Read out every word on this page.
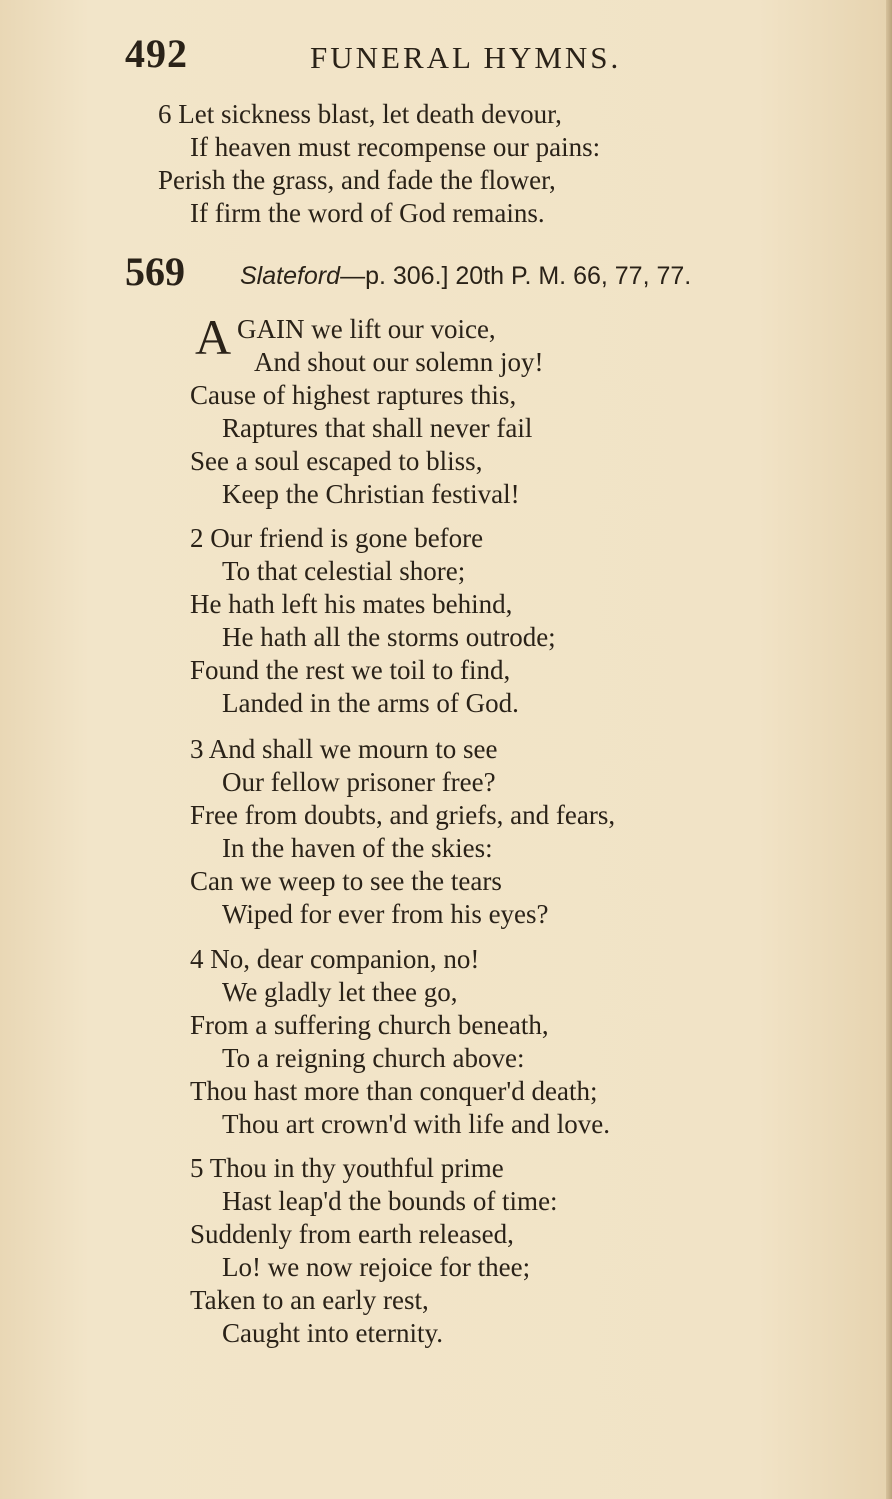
492	FUNERAL HYMNS.
6 Let sickness blast, let death devour,
If heaven must recompense our pains:
Perish the grass, and fade the flower,
If firm the word of God remains.
569 Slateford—p. 306.] 20th P. M. 66, 77, 77.
A GAIN we lift our voice,
And shout our solemn joy!
Cause of highest raptures this,
Raptures that shall never fail
See a soul escaped to bliss,
Keep the Christian festival!
2 Our friend is gone before
To that celestial shore;
He hath left his mates behind,
He hath all the storms outrode;
Found the rest we toil to find,
Landed in the arms of God.
3 And shall we mourn to see
Our fellow prisoner free?
Free from doubts, and griefs, and fears,
In the haven of the skies:
Can we weep to see the tears
Wiped for ever from his eyes?
4 No, dear companion, no!
We gladly let thee go,
From a suffering church beneath,
To a reigning church above:
Thou hast more than conquer'd death;
Thou art crown'd with life and love.
5 Thou in thy youthful prime
Hast leap'd the bounds of time:
Suddenly from earth released,
Lo! we now rejoice for thee;
Taken to an early rest,
Caught into eternity.
